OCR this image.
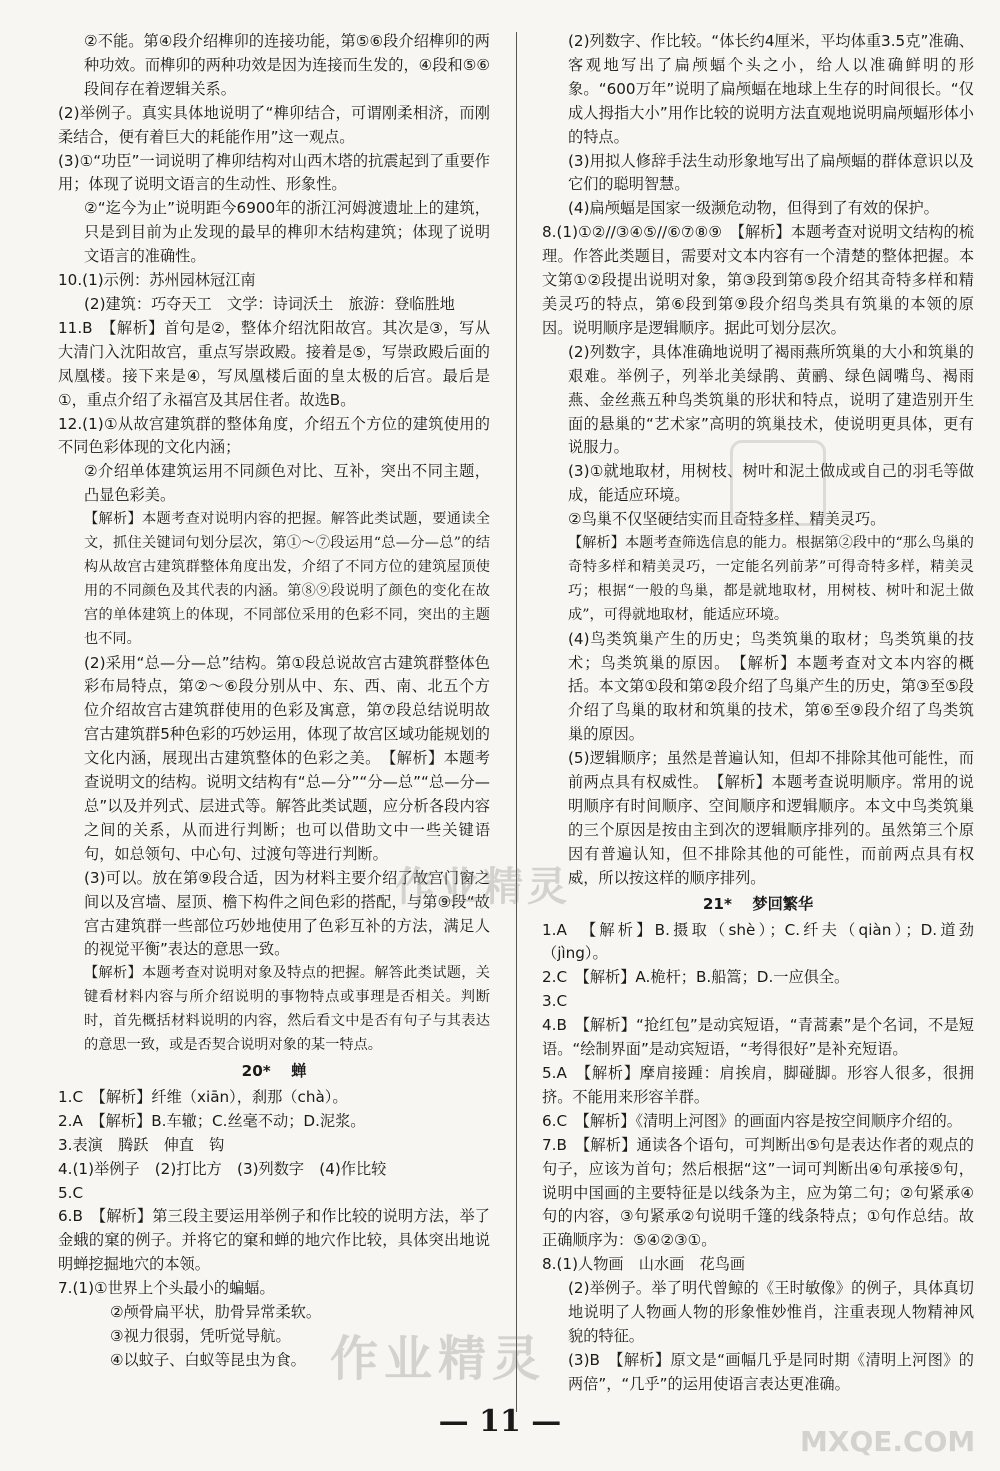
②不能。第④段介绍榫卯的连接功能，第⑤⑥段介绍榫卯的两种功效。而榫卯的两种功效是因为连接而生发的，④段和⑤⑥段间存在着逻辑关系。

(2)举例子。真实具体地说明了“榫卯结合，可谓刚柔相济，而刚柔结合，便有着巨大的耗能作用”这一观点。

(3)①“功臣”一词说明了榫卯结构对山西木塔的抗震起到了重要作用；体现了说明文语言的生动性、形象性。

②“迄今为止”说明距今6900年的浙江河姆渡遗址上的建筑，只是到目前为止发现的最早的榫卯木结构建筑；体现了说明文语言的准确性。

10.(1)示例：苏州园林冠江南

(2)建筑：巧夺天工　文学：诗词沃土　旅游：登临胜地

11.B　【解析】首句是②，整体介绍沈阳故宫。其次是③，写从大清门入沈阳故宫，重点写崇政殿。接着是⑤，写崇政殿后面的凤凰楼。接下来是④，写凤凰楼后面的皇太极的后宫。最后是①，重点介绍了永福宫及其居住者。故选B。

12.(1)①从故宫建筑群的整体角度，介绍五个方位的建筑使用的不同色彩体现的文化内涵；

②介绍单体建筑运用不同颜色对比、互补，突出不同主题，凸显色彩美。

【解析】本题考查对说明内容的把握。解答此类试题，要通读全文，抓住关键词句划分层次，第①～⑦段运用“总—分—总”的结构从故宫古建筑群整体角度出发，介绍了不同方位的建筑屋顶使用的不同颜色及其代表的内涵。第⑧⑨段说明了颜色的变化在故宫的单体建筑上的体现，不同部位采用的色彩不同，突出的主题也不同。

(2)采用“总—分—总”结构。第①段总说故宫古建筑群整体色彩布局特点，第②～⑥段分别从中、东、西、南、北五个方位介绍故宫古建筑群使用的色彩及寓意，第⑦段总结说明故宫古建筑群5种色彩的巧妙运用，体现了故宫区域功能规划的文化内涵，展现出古建筑整体的色彩之美。　【解析】本题考查说明文的结构。说明文结构有“总—分”“分—总”“总—分—总”以及并列式、层进式等。解答此类试题，应分析各段内容之间的关系，从而进行判断；也可以借助文中一些关键语句，如总领句、中心句、过渡句等进行判断。

(3)可以。放在第⑨段合适，因为材料主要介绍了故宫门窗之间以及宫墙、屋顶、檐下构件之间色彩的搭配，与第⑨段“故宫古建筑群一些部位巧妙地使用了色彩互补的方法，满足人的视觉平衡”表达的意思一致。

【解析】本题考查对说明对象及特点的把握。解答此类试题，关键看材料内容与所介绍说明的事物特点或事理是否相关。判断时，首先概括材料说明的内容，然后看文中是否有句子与其表达的意思一致，或是否契合说明对象的某一特点。

20* 　蝉

1.C　【解析】纤维（xiān），刹那（chà）。

2.A　【解析】B.车辙；C.丝毫不动；D.泥浆。

3.表演　腾跃　伸直　钩

4.(1)举例子　(2)打比方　(3)列数字　(4)作比较

5.C

6.B　【解析】第三段主要运用举例子和作比较的说明方法，举了金蛾的窠的例子。并将它的窠和蝉的地穴作比较，具体突出地说明蝉挖掘地穴的本领。

7.(1)①世界上个头最小的蝙蝠。

②颅骨扁平状，肋骨异常柔软。

③视力很弱，凭听觉导航。

④以蚊子、白蚁等昆虫为食。

(2)列数字、作比较。“体长约4厘米，平均体重3.5克”准确、客观地写出了扁颅蝠个头之小，给人以准确鲜明的形象。“600万年”说明了扁颅蝠在地球上生存的时间很长。“仅成人拇指大小”用作比较的说明方法直观地说明扁颅蝠形体小的特点。

(3)用拟人修辞手法生动形象地写出了扁颅蝠的群体意识以及它们的聪明智慧。

(4)扁颅蝠是国家一级濒危动物，但得到了有效的保护。

8.(1)①②//③④⑤//⑥⑦⑧⑨　【解析】本题考查对说明文结构的梳理。作答此类题目，需要对文本内容有一个清楚的整体把握。本文第①②段提出说明对象，第③段到第⑤段介绍其奇特多样和精美灵巧的特点，第⑥段到第⑨段介绍鸟类具有筑巢的本领的原因。说明顺序是逻辑顺序。据此可划分层次。

(2)列数字，具体准确地说明了褐雨燕所筑巢的大小和筑巢的艰难。举例子，列举北美绿鹃、黄鹂、绿色阔嘴鸟、褐雨燕、金丝燕五种鸟类筑巢的形状和特点，说明了建造别开生面的悬巢的“艺术家”高明的筑巢技术，使说明更具体，更有说服力。

(3)①就地取材，用树枝、树叶和泥土做成或自己的羽毛等做成，能适应环境。

②鸟巢不仅坚硬结实而且奇特多样、精美灵巧。

【解析】本题考查筛选信息的能力。根据第②段中的“那么鸟巢的奇特多样和精美灵巧，一定能名列前茅”可得奇特多样，精美灵巧；根据“一般的鸟巢，都是就地取材，用树枝、树叶和泥土做成”，可得就地取材，能适应环境。

(4)鸟类筑巢产生的历史；鸟类筑巢的取材；鸟类筑巢的技术；鸟类筑巢的原因。　【解析】本题考查对文本内容的概括。本文第①段和第②段介绍了鸟巢产生的历史，第③至⑤段介绍了鸟巢的取材和筑巢的技术，第⑥至⑨段介绍了鸟类筑巢的原因。

(5)逻辑顺序；虽然是普遍认知，但却不排除其他可能性，而前两点具有权威性。　【解析】本题考查说明顺序。常用的说明顺序有时间顺序、空间顺序和逻辑顺序。本文中鸟类筑巢的三个原因是按由主到次的逻辑顺序排列的。虽然第三个原因有普遍认知，但不排除其他的可能性，而前两点具有权威，所以按这样的顺序排列。

21* 　梦回繁华

1.A　【解析】B.摄取（shè）；C.纤夫（qiàn）；D.道劲（jìng）。

2.C　【解析】A.桅杆；B.船篙；D.一应俱全。

3.C

4.B　【解析】“抢红包”是动宾短语，“青蒿素”是个名词，不是短语。“绘制界面”是动宾短语，“考得很好”是补充短语。

5.A　【解析】摩肩接踵：肩挨肩，脚碰脚。形容人很多，很拥挤。不能用来形容羊群。

6.C　【解析】《清明上河图》的画面内容是按空间顺序介绍的。

7.B　【解析】通读各个语句，可判断出⑤句是表达作者的观点的句子，应该为首句；然后根据“这”一词可判断出④句承接⑤句，说明中国画的主要特征是以线条为主，应为第二句；②句紧承④句的内容，③句紧承②句说明千篷的线条特点；①句作总结。故正确顺序为：⑤④②③①。

8.(1)人物画　山水画　花鸟画

(2)举例子。举了明代曾鲸的《王时敏像》的例子，具体真切地说明了人物画人物的形象惟妙惟肖，注重表现人物精神风貌的特征。

(3)B　【解析】原文是“画幅几乎是同时期《清明上河图》的两倍”，“几乎”的运用使语言表达更准确。

作业精灵
作业精灵
MXQE.COM
— 11 —
